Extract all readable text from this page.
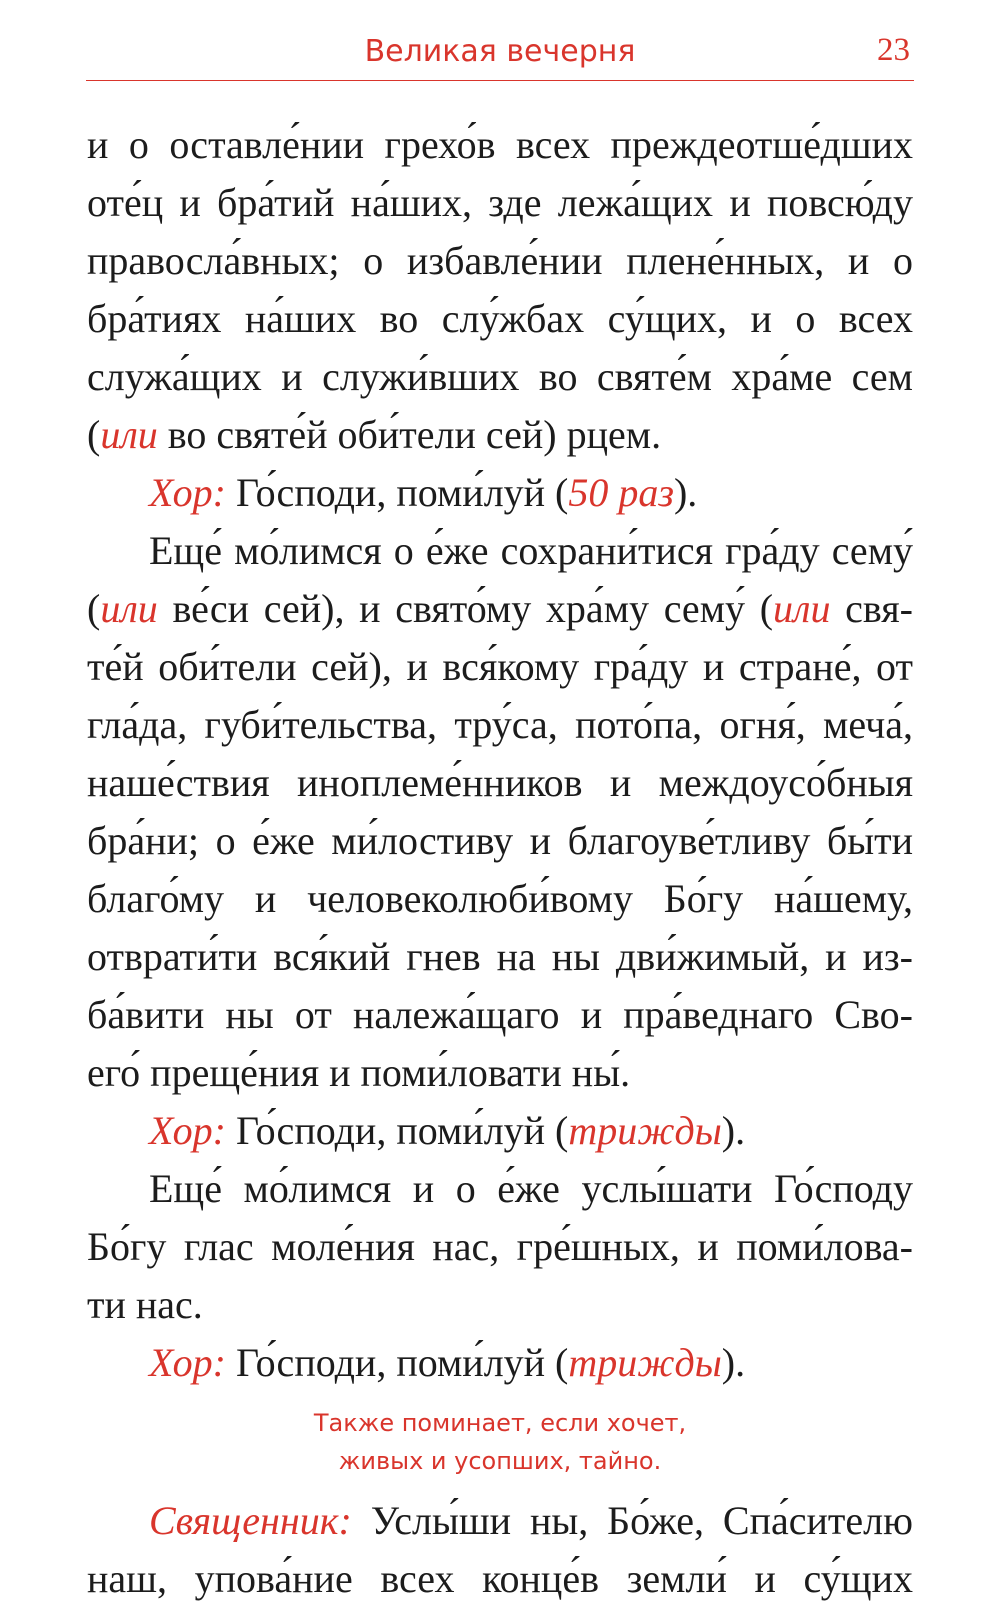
Великая вечерня	23
и о оставле́нии грехо́в всех преждеотше́дших
оте́ц и бра́тий на́ших, зде лежа́щих и повсю́ду
правосла́вных; о избавле́нии плене́нных, и о
бра́тиях на́ших во слу́жбах су́щих, и о всех
служа́щих и служи́вших во святе́м хра́ме сем
(или во святе́й оби́тели сей) рцем.
Хор: Го́споди, поми́луй (50 раз).
Еще́ мо́лимся о е́же сохрани́тися гра́ду сему́
(или ве́си сей), и свято́му хра́му сему́ (или свя-
те́й оби́тели сей), и вся́кому гра́ду и стране́, от
гла́да, губи́тельства, тру́са, пото́па, огня́, меча́,
наше́ствия иноплеме́нников и междоусо́бныя
бра́ни; о е́же ми́лостиву и благоуве́тливу бы́ти
благо́му и человеколюби́вому Бо́гу на́шему,
отврати́ти вся́кий гнев на ны дви́жимый, и из-
ба́вити ны от належа́щаго и пра́веднаго Сво-
его́ преще́ния и поми́ловати ны́.
Хор: Го́споди, поми́луй (трижды).
Еще́ мо́лимся и о е́же услы́шати Го́споду
Бо́гу глас моле́ния нас, гре́шных, и поми́лова-
ти нас.
Хор: Го́споди, поми́луй (трижды).
Также поминает, если хочет,
живых и усопших, тайно.
Священник: Услы́ши ны, Бо́же, Спа́сителю
наш, упова́ние всех конце́в земли́ и су́щих
